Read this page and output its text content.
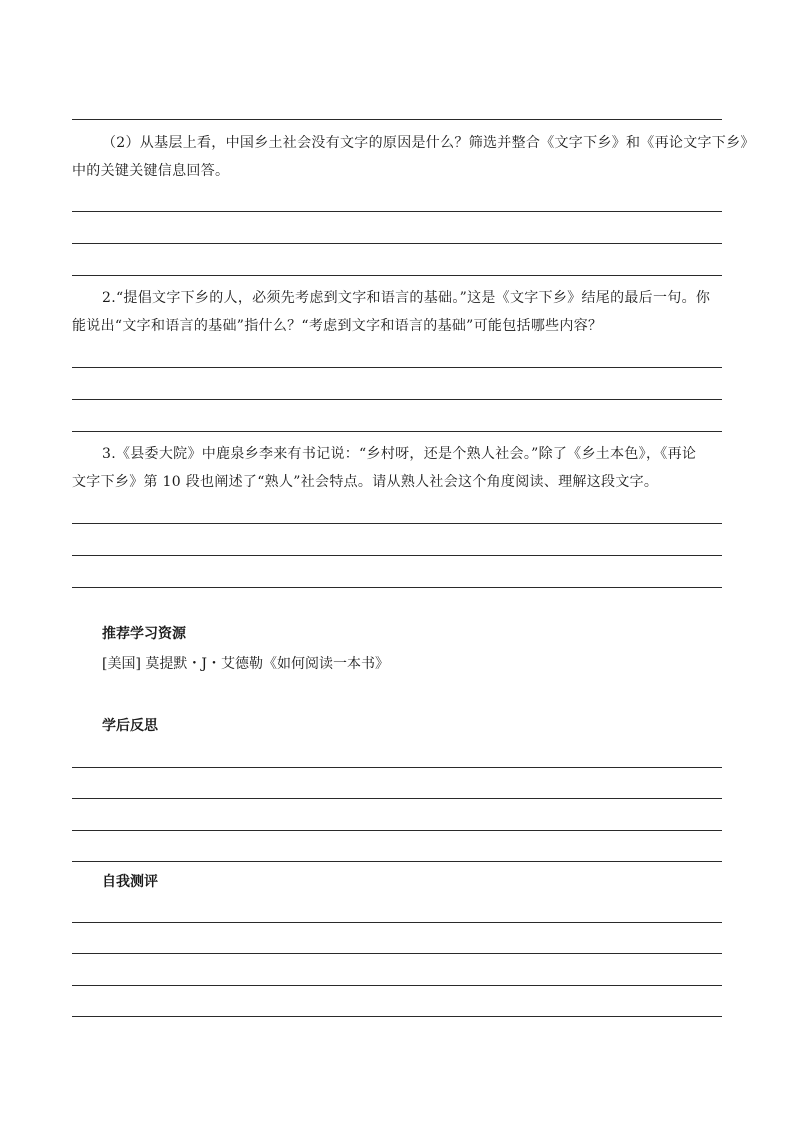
（2）从基层上看，中国乡土社会没有文字的原因是什么？筛选并整合《文字下乡》和《再论文字下乡》
中的关键关键信息回答。
2.“提倡文字下乡的人，必须先考虑到文字和语言的基础。”这是《文字下乡》结尾的最后一句。你
能说出“文字和语言的基础”指什么？“考虑到文字和语言的基础”可能包括哪些内容？
3.《县委大院》中鹿泉乡李来有书记说：“乡村呀，还是个熟人社会。”除了《乡土本色》，《再论
文字下乡》第 10 段也阐述了“熟人”社会特点。请从熟人社会这个角度阅读、理解这段文字。
推荐学习资源
[美国] 莫提默・J・艾德勒《如何阅读一本书》
学后反思
自我测评
